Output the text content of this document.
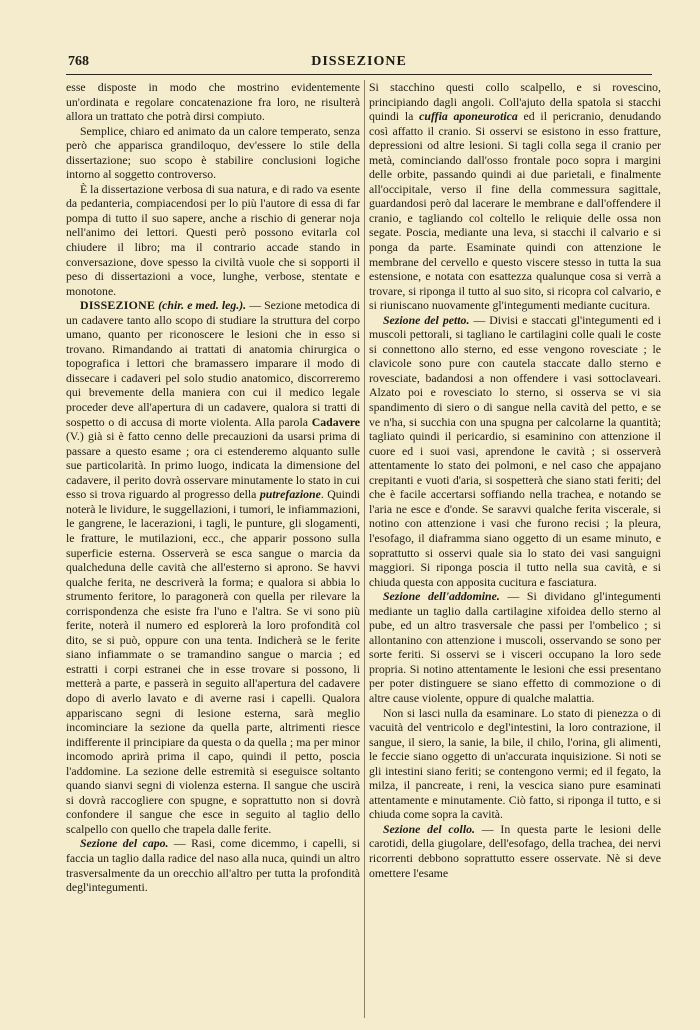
768	DISSEZIONE

esse disposte in modo che mostrino evidentemente un'ordinata e regolare concatenazione fra loro, ne risulterà allora un trattato che potrà dirsi compiuto.

Semplice, chiaro ed animato da un calore temperato, senza però che apparisca grandiloquo, dev'essere lo stile della dissertazione; suo scopo è stabilire conclusioni logiche intorno al soggetto controverso.

È la dissertazione verbosa di sua natura, e di rado va esente da pedanteria, compiacendosi per lo più l'autore di essa di far pompa di tutto il suo sapere, anche a rischio di generar noja nell'animo dei lettori. Questi però possono evitarla col chiudere il libro; ma il contrario accade stando in conversazione, dove spesso la civiltà vuole che si sopporti il peso di dissertazioni a voce, lunghe, verbose, stentate e monotone.

DISSEZIONE (chir. e med. leg.). — Sezione metodica di un cadavere tanto allo scopo di studiare la struttura del corpo umano, quanto per riconoscere le lesioni che in esso si trovano. Rimandando ai trattati di anatomia chirurgica o topografica i lettori che bramassero imparare il modo di dissecare i cadaveri pel solo studio anatomico, discorreremo qui brevemente della maniera con cui il medico legale proceder deve all'apertura di un cadavere, qualora si tratti di sospetto o di accusa di morte violenta. Alla parola Cadavere (V.) già si è fatto cenno delle precauzioni da usarsi prima di passare a questo esame ; ora ci estenderemo alquanto sulle sue particolarità. In primo luogo, indicata la dimensione del cadavere, il perito dovrà osservare minutamente lo stato in cui esso si trova riguardo al progresso della putrefazione. Quindi noterà le lividure, le suggellazioni, i tumori, le infiammazioni, le gangrene, le lacerazioni, i tagli, le punture, gli slogamenti, le fratture, le mutilazioni, ecc., che apparir possono sulla superficie esterna. Osserverà se esca sangue o marcia da qualcheduna delle cavità che all'esterno si aprono. Se havvi qualche ferita, ne descriverà la forma; e qualora si abbia lo strumento feritore, lo paragonerà con quella per rilevare la corrispondenza che esiste fra l'uno e l'altra. Se vi sono più ferite, noterà il numero ed esplorerà la loro profondità col dito, se si può, oppure con una tenta. Indicherà se le ferite siano infiammate o se tramandino sangue o marcia ; ed estratti i corpi estranei che in esse trovare si possono, li metterà a parte, e passerà in seguito all'apertura del cadavere dopo di averlo lavato e di averne rasi i capelli. Qualora appariscano segni di lesione esterna, sarà meglio incominciare la sezione da quella parte, altrimenti riesce indifferente il principiare da questa o da quella ; ma per minor incomodo aprirà prima il capo, quindi il petto, poscia l'addomine. La sezione delle estremità si eseguisce soltanto quando sianvi segni di violenza esterna. Il sangue che uscirà si dovrà raccogliere con spugne, e soprattutto non si dovrà confondere il sangue che esce in seguito al taglio dello scalpello con quello che trapela dalle ferite.

Sezione del capo. — Rasi, come dicemmo, i capelli, si faccia un taglio dalla radice del naso alla nuca, quindi un altro trasversalmente da un orecchio all'altro per tutta la profondità degl'integumenti.

Si stacchino questi collo scalpello, e si rovescino, principiando dagli angoli. Coll'ajuto della spatola si stacchi quindi la cuffia aponeurotica ed il pericranio, denudando così affatto il cranio. Si osservi se esistono in esso fratture, depressioni od altre lesioni. Si tagli colla sega il cranio per metà, cominciando dall'osso frontale poco sopra i margini delle orbite, passando quindi ai due parietali, e finalmente all'occipitale, verso il fine della commessura sagittale, guardandosi però dal lacerare le membrane e dall'offendere il cranio, e tagliando col coltello le reliquie delle ossa non segate. Poscia, mediante una leva, si stacchi il calvario e si ponga da parte. Esaminate quindi con attenzione le membrane del cervello e questo viscere stesso in tutta la sua estensione, e notata con esattezza qualunque cosa si verrà a trovare, si riponga il tutto al suo sito, si ricopra col calvario, e si riuniscano nuovamente gl'integumenti mediante cucitura.

Sezione del petto. — Divisi e staccati gl'integumenti ed i muscoli pettorali, si tagliano le cartilagini colle quali le coste si connettono allo sterno, ed esse vengono rovesciate ; le clavicole sono pure con cautela staccate dallo sterno e rovesciate, badandosi a non offendere i vasi sottoclaveari. Alzato poi e rovesciato lo sterno, si osserva se vi sia spandimento di siero o di sangue nella cavità del petto, e se ve n'ha, si succhia con una spugna per calcolarne la quantità; tagliato quindi il pericardio, si esaminino con attenzione il cuore ed i suoi vasi, aprendone le cavità ; si osserverà attentamente lo stato dei polmoni, e nel caso che appajano crepitanti e vuoti d'aria, si sospetterà che siano stati feriti; del che è facile accertarsi soffiando nella trachea, e notando se l'aria ne esce e d'onde. Se saravvi qualche ferita viscerale, si notino con attenzione i vasi che furono recisi ; la pleura, l'esofago, il diaframma siano oggetto di un esame minuto, e soprattutto si osservi quale sia lo stato dei vasi sanguigni maggiori. Si riponga poscia il tutto nella sua cavità, e si chiuda questa con apposita cucitura e fasciatura.

Sezione dell'addomine. — Si dividano gl'integumenti mediante un taglio dalla cartilagine xifoidea dello sterno al pube, ed un altro trasversale che passi per l'ombelico ; si allontanino con attenzione i muscoli, osservando se sono per sorte feriti. Si osservi se i visceri occupano la loro sede propria. Si notino attentamente le lesioni che essi presentano per poter distinguere se siano effetto di commozione o di altre cause violente, oppure di qualche malattia.

Non si lasci nulla da esaminare. Lo stato di pienezza o di vacuità del ventricolo e degl'intestini, la loro contrazione, il sangue, il siero, la sanie, la bile, il chilo, l'orina, gli alimenti, le feccie siano oggetto di un'accurata inquisizione. Si noti se gli intestini siano feriti; se contengono vermi; ed il fegato, la milza, il pancreate, i reni, la vescica siano pure esaminati attentamente e minutamente. Ciò fatto, si riponga il tutto, e si chiuda come sopra la cavità.

Sezione del collo. — In questa parte le lesioni delle carotidi, della giugolare, dell'esofago, della trachea, dei nervi ricorrenti debbono soprattutto essere osservate. Nè si deve omettere l'esame
